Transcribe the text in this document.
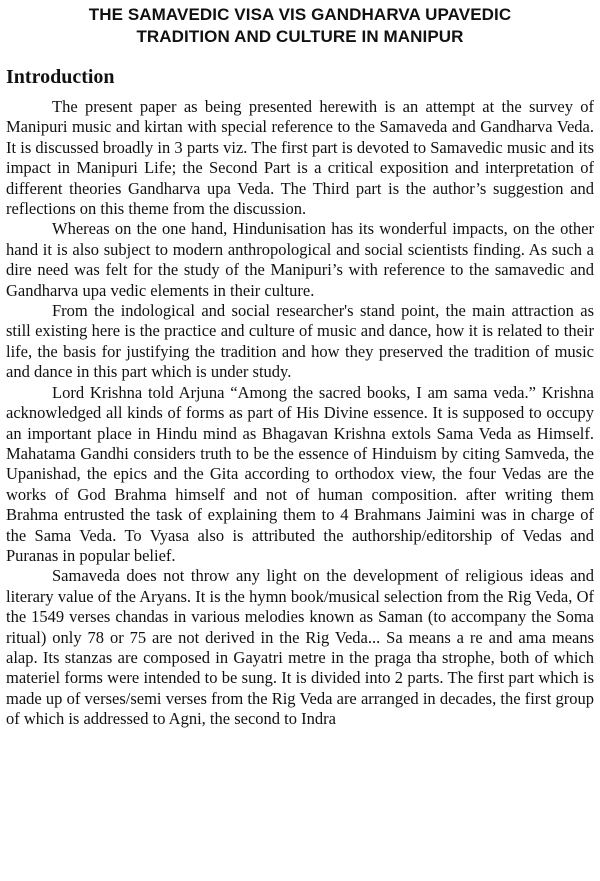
THE SAMAVEDIC VISA VIS GANDHARVA UPAVEDIC
TRADITION AND CULTURE IN MANIPUR
Introduction

The present paper as being presented herewith is an attempt at the survey of Manipuri music and kirtan with special reference to the Samaveda and Gandharva Veda. It is discussed broadly in 3 parts viz. The first part is devoted to Samavedic music and its impact in Manipuri Life; the Second Part is a critical exposition and interpretation of different theories Gandharva upa Veda. The Third part is the author’s suggestion and reflections on this theme from the discussion.

Whereas on the one hand, Hindunisation has its wonderful impacts, on the other hand it is also subject to modern anthropological and social scientists finding. As such a dire need was felt for the study of the Manipuri’s with reference to the samavedic and Gandharva upa vedic elements in their culture.

From the indological and social researcher's stand point, the main attraction as still existing here is the practice and culture of music and dance, how it is related to their life, the basis for justifying the tradition and how they preserved the tradition of music and dance in this part which is under study.

Lord Krishna told Arjuna “Among the sacred books, I am sama veda.” Krishna acknowledged all kinds of forms as part of His Divine essence. It is supposed to occupy an important place in Hindu mind as Bhagavan Krishna extols Sama Veda as Himself. Mahatama Gandhi considers truth to be the essence of Hinduism by citing Samveda, the Upanishad, the epics and the Gita according to orthodox view, the four Vedas are the works of God Brahma himself and not of human composition. after writing them Brahma entrusted the task of explaining them to 4 Brahmans Jaimini was in charge of the Sama Veda. To Vyasa also is attributed the authorship/editorship of Vedas and Puranas in popular belief.

Samaveda does not throw any light on the development of religious ideas and literary value of the Aryans. It is the hymn book/musical selection from the Rig Veda, Of the 1549 verses chandas in various melodies known as Saman (to accompany the Soma ritual) only 78 or 75 are not derived in the Rig Veda... Sa means a re and ama means alap. Its stanzas are composed in Gayatri metre in the praga tha strophe, both of which materiel forms were intended to be sung. It is divided into 2 parts. The first part which is made up of verses/semi verses from the Rig Veda are arranged in decades, the first group of which is addressed to Agni, the second to Indra
